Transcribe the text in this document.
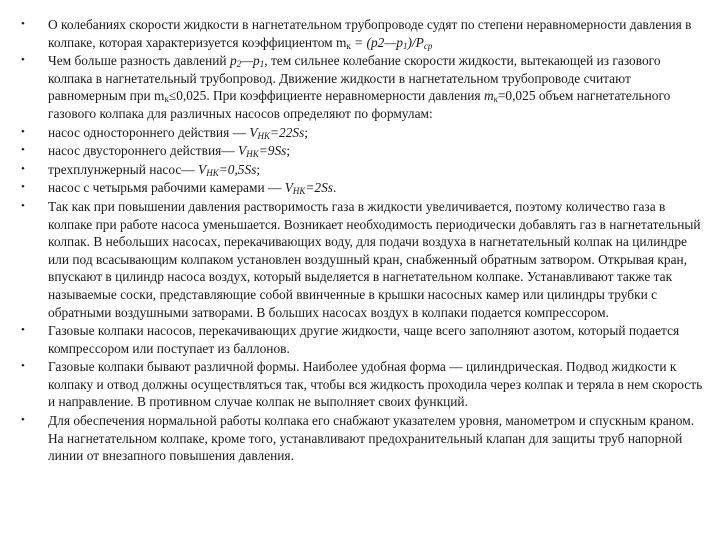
• О колебаниях скорости жидкости в нагнетательном трубопроводе судят по степени неравномерности давления в колпаке, которая характеризуется коэффициентом $m_к$ = $(p2—p_1)/P_{ср}$
• Чем больше разность давлений $p_2—p_1$, тем сильнее колебание скорости жидкости, вытекающей из газового колпака в нагнетательный трубопровод. Движение жидкости в нагнетательном трубопроводе считают равномерным при $m_к\le 0,025$. При коэффициенте неравномерности давления $m_к=0,025$ объем нагнетательного газового колпака для различных насосов определяют по формулам:
• насос одностороннего действия — $V_{НК}=22Ss$;
• насос двустороннего действия— $V_{НК}=9Ss$;
• трехплунжерный насос— $V_{НК}=0,5Ss$;
• насос с четырьмя рабочими камерами — $V_{НК}=2Ss$.
• Так как при повышении давления растворимость газа в жидкости увеличивается, поэтому количество газа в колпаке при работе насоса уменьшается. Возникает необходимость периодически добавлять газ в нагнетательный колпак. В небольших насосах, перекачивающих воду, для подачи воздуха в нагнетательный колпак на цилиндре или под всасывающим колпаком установлен воздушный кран, снабженный обратным затвором. Открывая кран, впускают в цилиндр насоса воздух, который выделяется в нагнетательном колпаке. Устанавливают также так называемые соски, представляющие собой ввинченные в крышки насосных камер или цилиндры трубки с обратными воздушными затворами. В больших насосах воздух в колпаки подается компрессором.
• Газовые колпаки насосов, перекачивающих другие жидкости, чаще всего заполняют азотом, который подается компрессором или поступает из баллонов.
• Газовые колпаки бывают различной формы. Наиболее удобная форма — цилиндрическая. Подвод жидкости к колпаку и отвод должны осуществляться так, чтобы вся жидкость проходила через колпак и теряла в нем скорость и направление. В противном случае колпак не выполняет своих функций.
• Для обеспечения нормальной работы колпака его снабжают указателем уровня, манометром и спускным краном. На нагнетательном колпаке, кроме того, устанавливают предохранительный клапан для защиты труб напорной линии от внезапного повышения давления.
